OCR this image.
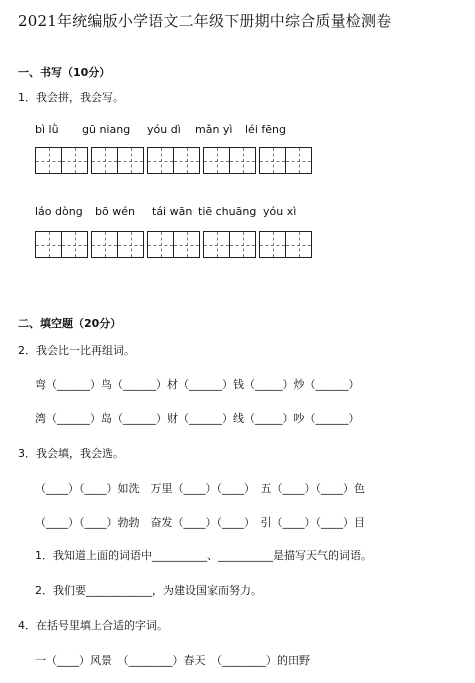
2021年统编版小学语文二年级下册期中综合质量检测卷
一、书写（10分）
1．我会拼，我会写。
bì lǜ gū niang yóu dì mǎn yì léi fēng
láo dòng bō wén tái wān tiē chuāng yóu xì
二、填空题（20分）
2．我会比一比再组词。
弯（______）鸟（______）材（______）钱（_____）炒（______）
湾（______）岛（______）财（______）线（_____）吵（______）
3．我会填，我会选。
（____）（____）如洗　万里（____）（____）　五（____）（____）色
（____）（____）勃勃　奋发（____）（____）　引（____）（____）目
1．我知道上面的词语中__________、__________是描写天气的词语。
2．我们要____________，为建设国家而努力。
4．在括号里填上合适的字词。
一（____）风景　（________）春天　（________）的田野
